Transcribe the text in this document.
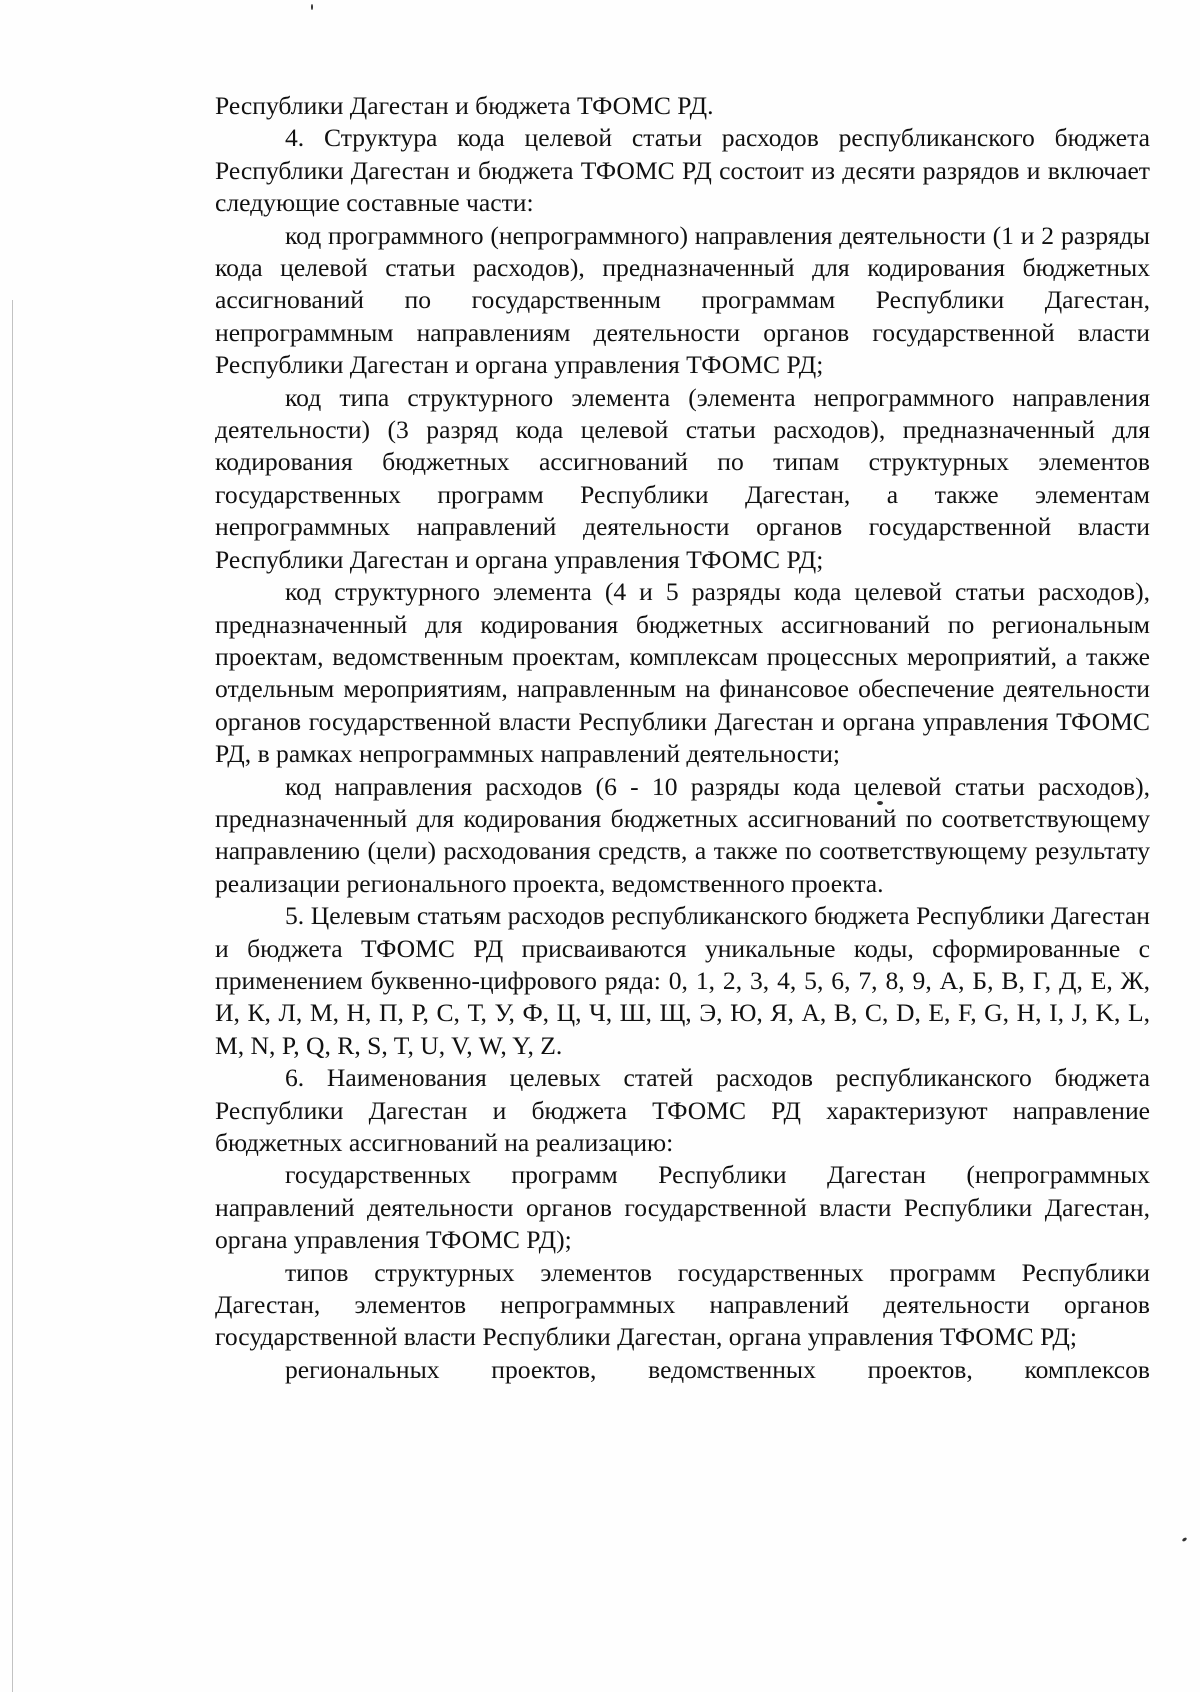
Республики Дагестан и бюджета ТФОМС РД.

4. Структура кода целевой статьи расходов республиканского бюджета Республики Дагестан и бюджета ТФОМС РД состоит из десяти разрядов и включает следующие составные части:

код программного (непрограммного) направления деятельности (1 и 2 разряды кода целевой статьи расходов), предназначенный для кодирования бюджетных ассигнований по государственным программам Республики Дагестан, непрограммным направлениям деятельности органов государственной власти Республики Дагестан и органа управления ТФОМС РД;

код типа структурного элемента (элемента непрограммного направления деятельности) (3 разряд кода целевой статьи расходов), предназначенный для кодирования бюджетных ассигнований по типам структурных элементов государственных программ Республики Дагестан, а также элементам непрограммных направлений деятельности органов государственной власти Республики Дагестан и органа управления ТФОМС РД;

код структурного элемента (4 и 5 разряды кода целевой статьи расходов), предназначенный для кодирования бюджетных ассигнований по региональным проектам, ведомственным проектам, комплексам процессных мероприятий, а также отдельным мероприятиям, направленным на финансовое обеспечение деятельности органов государственной власти Республики Дагестан и органа управления ТФОМС РД, в рамках непрограммных направлений деятельности;

код направления расходов (6 - 10 разряды кода целевой статьи расходов), предназначенный для кодирования бюджетных ассигнований по соответствующему направлению (цели) расходования средств, а также по соответствующему результату реализации регионального проекта, ведомственного проекта.

5. Целевым статьям расходов республиканского бюджета Республики Дагестан и бюджета ТФОМС РД присваиваются уникальные коды, сформированные с применением буквенно-цифрового ряда: 0, 1, 2, 3, 4, 5, 6, 7, 8, 9, А, Б, В, Г, Д, Е, Ж, И, К, Л, М, Н, П, Р, С, Т, У, Ф, Ц, Ч, Ш, Щ, Э, Ю, Я, A, B, C, D, E, F, G, H, I, J, K, L, M, N, P, Q, R, S, T, U, V, W, Y, Z.

6. Наименования целевых статей расходов республиканского бюджета Республики Дагестан и бюджета ТФОМС РД характеризуют направление бюджетных ассигнований на реализацию:

государственных программ Республики Дагестан (непрограммных направлений деятельности органов государственной власти Республики Дагестан, органа управления ТФОМС РД);

типов структурных элементов государственных программ Республики Дагестан, элементов непрограммных направлений деятельности органов государственной власти Республики Дагестан, органа управления ТФОМС РД;

региональных проектов, ведомственных проектов, комплексов
